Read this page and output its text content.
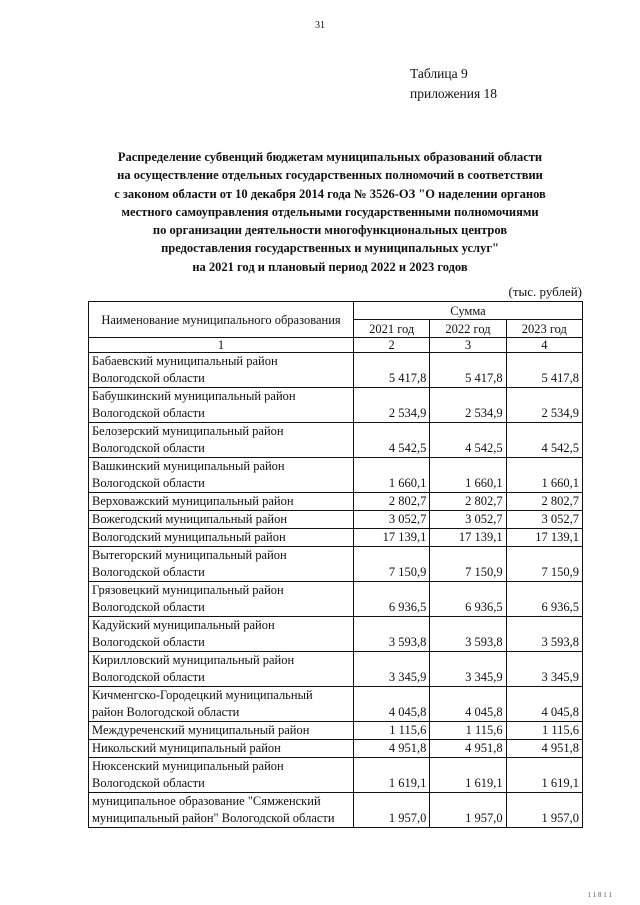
31
Таблица 9
приложения 18
Распределение субвенций бюджетам муниципальных образований области
на осуществление отдельных государственных полномочий в соответствии
с законом области от 10 декабря 2014 года № 3526-ОЗ "О наделении органов
местного самоуправления отдельными государственными полномочиями
по организации деятельности многофункциональных центров
предоставления государственных и муниципальных услуг"
на 2021 год и плановый период 2022 и 2023 годов
(тыс. рублей)
Наименование муниципального образования	Сумма		
	2021 год	2022 год	2023 год
1	2	3	4

Бабаевский муниципальный район
Вологодской области	5 417,8	5 417,8	5 417,8

Бабушкинский муниципальный район
Вологодской области	2 534,9	2 534,9	2 534,9

Белозерский муниципальный район
Вологодской области	4 542,5	4 542,5	4 542,5

Вашкинский муниципальный район
Вологодской области	1 660,1	1 660,1	1 660,1

Верховажский муниципальный район	2 802,7	2 802,7	2 802,7

Вожегодский муниципальный район	3 052,7	3 052,7	3 052,7

Вологодский муниципальный район	17 139,1	17 139,1	17 139,1

Вытегорский муниципальный район
Вологодской области	7 150,9	7 150,9	7 150,9

Грязовецкий муниципальный район
Вологодской области	6 936,5	6 936,5	6 936,5

Кадуйский муниципальный район
Вологодской области	3 593,8	3 593,8	3 593,8

Кирилловский муниципальный район
Вологодской области	3 345,9	3 345,9	3 345,9

Кичменгско-Городецкий муниципальный
район Вологодской области	4 045,8	4 045,8	4 045,8

Междуреченский муниципальный район	1 115,6	1 115,6	1 115,6

Никольский муниципальный район	4 951,8	4 951,8	4 951,8

Нюксенский муниципальный район
Вологодской области	1 619,1	1 619,1	1 619,1

муниципальное образование "Сямженский
муниципальный район" Вологодской области	1 957,0	1 957,0	1 957,0
1 1 8 1 1
